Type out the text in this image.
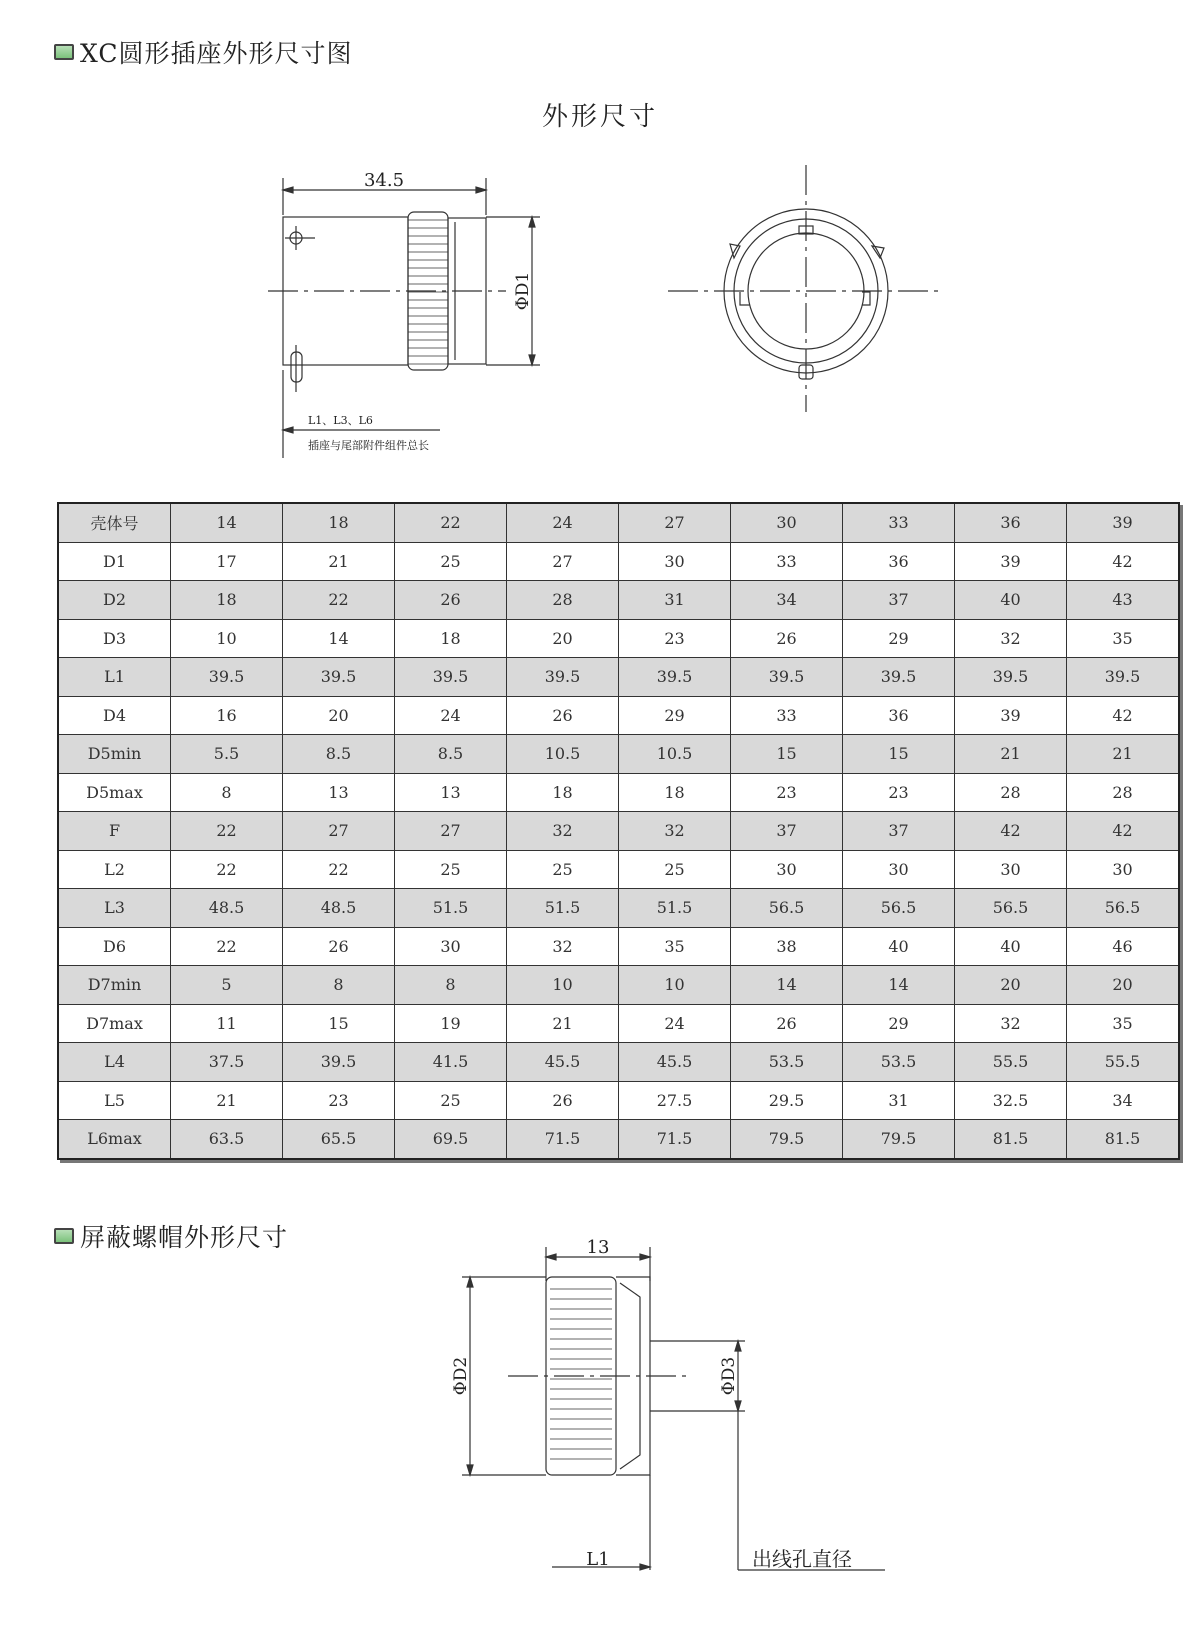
XC圆形插座外形尺寸图
外形尺寸
34.5
ΦD1
L1、L3、L6
插座与尾部附件组件总长
壳体号	14	18	22	24	27	30	33	36	39
D1	17	21	25	27	30	33	36	39	42
D2	18	22	26	28	31	34	37	40	43
D3	10	14	18	20	23	26	29	32	35
L1	39.5	39.5	39.5	39.5	39.5	39.5	39.5	39.5	39.5
D4	16	20	24	26	29	33	36	39	42
D5min	5.5	8.5	8.5	10.5	10.5	15	15	21	21
D5max	8	13	13	18	18	23	23	28	28
F	22	27	27	32	32	37	37	42	42
L2	22	22	25	25	25	30	30	30	30
L3	48.5	48.5	51.5	51.5	51.5	56.5	56.5	56.5	56.5
D6	22	26	30	32	35	38	40	40	46
D7min	5	8	8	10	10	14	14	20	20
D7max	11	15	19	21	24	26	29	32	35
L4	37.5	39.5	41.5	45.5	45.5	53.5	53.5	55.5	55.5
L5	21	23	25	26	27.5	29.5	31	32.5	34
L6max	63.5	65.5	69.5	71.5	71.5	79.5	79.5	81.5	81.5
屏蔽螺帽外形尺寸	13
ΦD2	ΦD3
L1	出线孔直径
